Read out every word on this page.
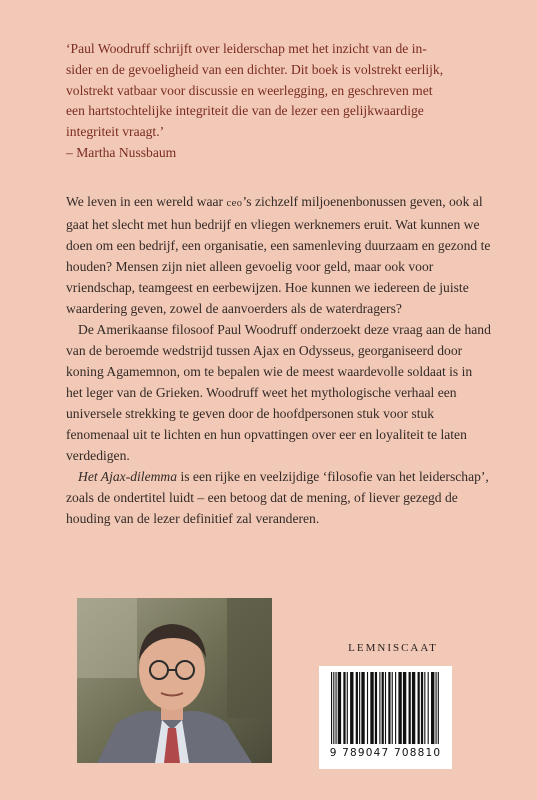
‘Paul Woodruff schrijft over leiderschap met het inzicht van de in-

sider en de gevoeligheid van een dichter. Dit boek is volstrekt eerlijk,

volstrekt vatbaar voor discussie en weerlegging, en geschreven met

een hartstochtelijke integriteit die van de lezer een gelijkwaardige

integriteit vraagt.’

– Martha Nussbaum

We leven in een wereld waar ceo’s zichzelf miljoenenbonussen geven, ook al gaat het slecht met hun bedrijf en vliegen werknemers eruit. Wat kunnen we doen om een bedrijf, een organisatie, een samenleving duurzaam en gezond te houden? Mensen zijn niet alleen gevoelig voor geld, maar ook voor vriendschap, teamgeest en eerbewijzen. Hoe kunnen we iedereen de juiste waardering geven, zowel de aanvoerders als de waterdragers?

De Amerikaanse filosoof Paul Woodruff onderzoekt deze vraag aan de hand van de beroemde wedstrijd tussen Ajax en Odysseus, georganiseerd door koning Agamemnon, om te bepalen wie de meest waardevolle soldaat is in het leger van de Grieken. Woodruff weet het mythologische verhaal een universele strekking te geven door de hoofdpersonen stuk voor stuk fenomenaal uit te lichten en hun opvattingen over eer en loyaliteit te laten verdedigen.

Het Ajax-dilemma is een rijke en veelzijdige ‘filosofie van het leiderschap’, zoals de ondertitel luidt – een betoog dat de mening, of liever gezegd de houding van de lezer definitief zal veranderen.

LEMNISCAAT
9 789047 708810
